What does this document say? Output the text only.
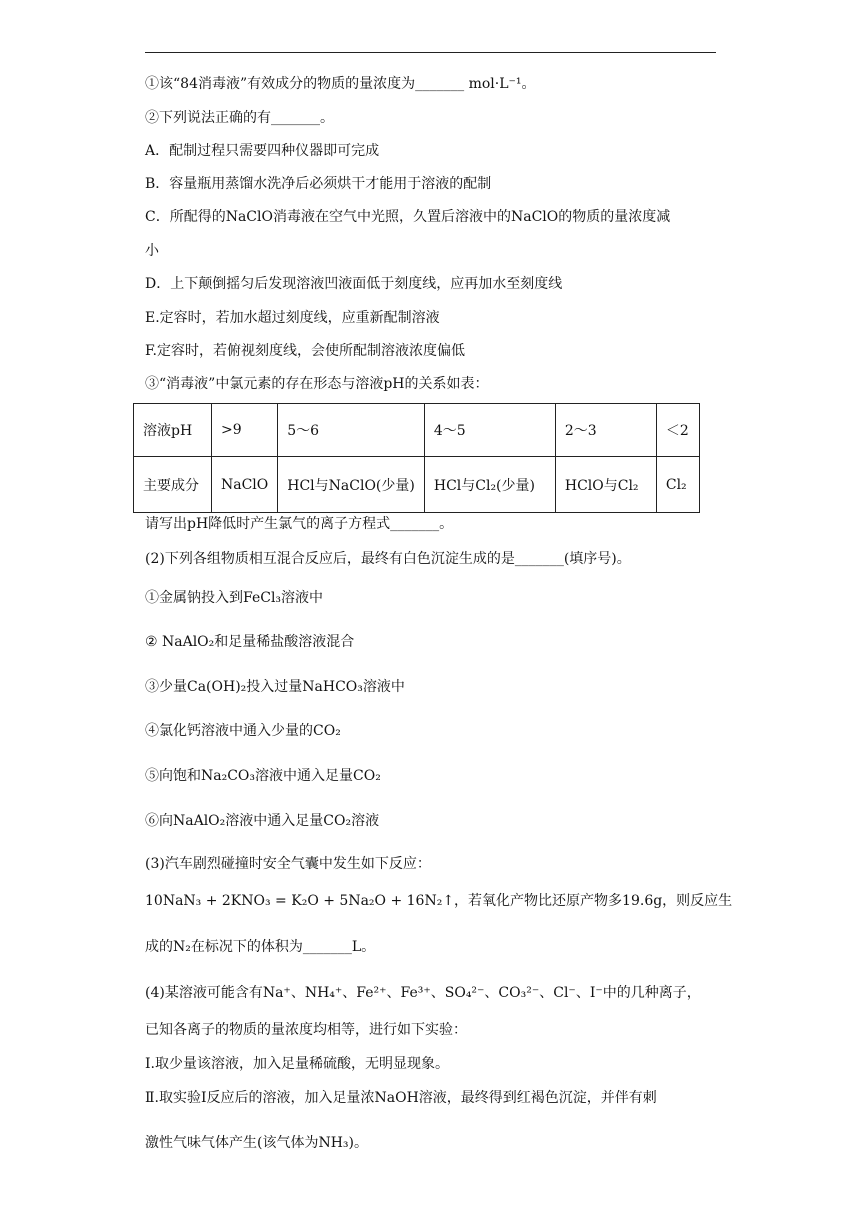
①该“84消毒液”有效成分的物质的量浓度为_______ mol·L⁻¹。
②下列说法正确的有_______。
A．配制过程只需要四种仪器即可完成
B．容量瓶用蒸馏水洗净后必须烘干才能用于溶液的配制
C．所配得的NaClO消毒液在空气中光照，久置后溶液中的NaClO的物质的量浓度减
小
D．上下颠倒摇匀后发现溶液凹液面低于刻度线，应再加水至刻度线
E.定容时，若加水超过刻度线，应重新配制溶液
F.定容时，若俯视刻度线，会使所配制溶液浓度偏低
③“消毒液”中氯元素的存在形态与溶液pH的关系如表：
请写出pH降低时产生氯气的离子方程式_______。
(2)下列各组物质相互混合反应后，最终有白色沉淀生成的是_______(填序号)。
①金属钠投入到FeCl₃溶液中
② NaAlO₂和足量稀盐酸溶液混合
③少量Ca(OH)₂投入过量NaHCO₃溶液中
④氯化钙溶液中通入少量的CO₂
⑤向饱和Na₂CO₃溶液中通入足量CO₂
⑥向NaAlO₂溶液中通入足量CO₂溶液
(3)汽车剧烈碰撞时安全气囊中发生如下反应：
10NaN₃ + 2KNO₃ = K₂O + 5Na₂O + 16N₂↑，若氧化产物比还原产物多19.6g，则反应生
成的N₂在标况下的体积为_______L。
(4)某溶液可能含有Na⁺、NH₄⁺、Fe²⁺、Fe³⁺、SO₄²⁻、CO₃²⁻、Cl⁻、I⁻中的几种离子，
已知各离子的物质的量浓度均相等，进行如下实验：
Ⅰ.取少量该溶液，加入足量稀硫酸，无明显现象。
Ⅱ.取实验Ⅰ反应后的溶液，加入足量浓NaOH溶液，最终得到红褐色沉淀，并伴有刺
激性气味气体产生(该气体为NH₃)。
溶液pH	>9	5～6	4～5	2～3	＜2
主要成分	NaClO	HCl与NaClO(少量)	HCl与Cl₂(少量)	HClO与Cl₂	Cl₂
